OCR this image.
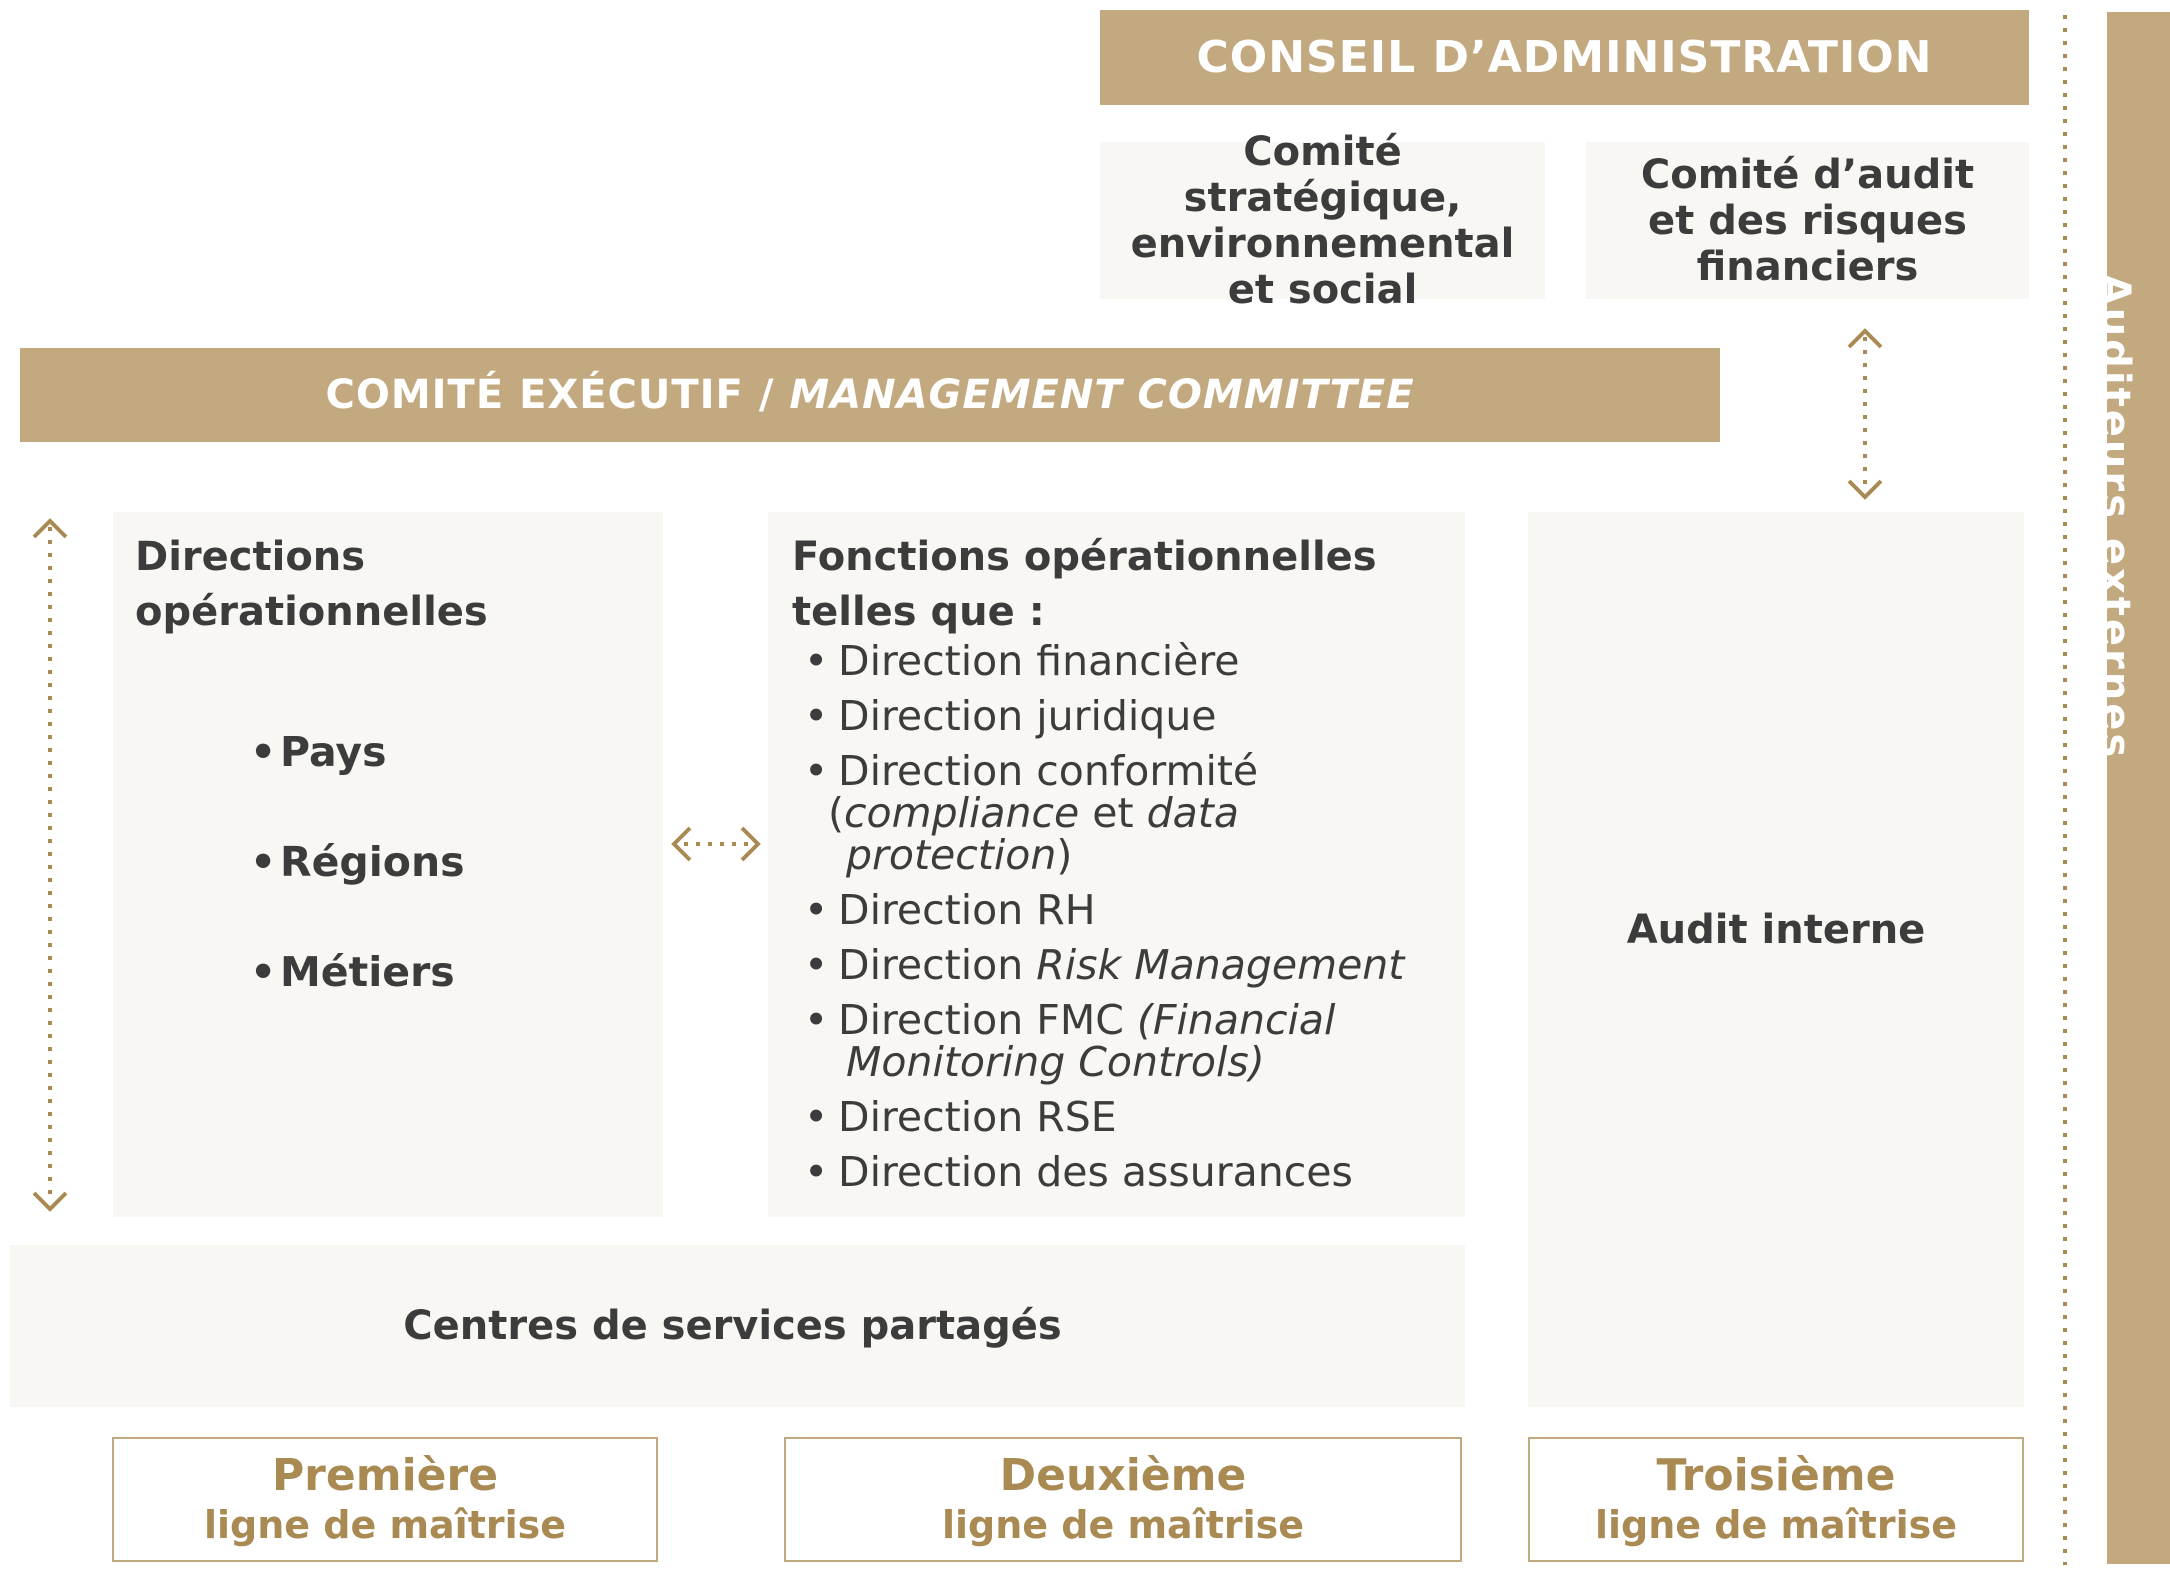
CONSEIL D’ADMINISTRATION
Comité stratégique,
environnemental
et social
Comité d’audit
et des risques
financiers
COMITÉ EXÉCUTIF / MANAGEMENT COMMITTEE
Directions
opérationnelles
• Pays
• Régions
• Métiers
Fonctions opérationnelles
telles que :
• Direction financière
• Direction juridique
• Direction conformité
(compliance et data
protection)
• Direction RH
• Direction Risk Management
• Direction FMC (Financial
Monitoring Controls)
• Direction RSE
• Direction des assurances
Audit interne
Centres de services partagés
Première
ligne de maîtrise
Deuxième
ligne de maîtrise
Troisième
ligne de maîtrise
Auditeurs externes
